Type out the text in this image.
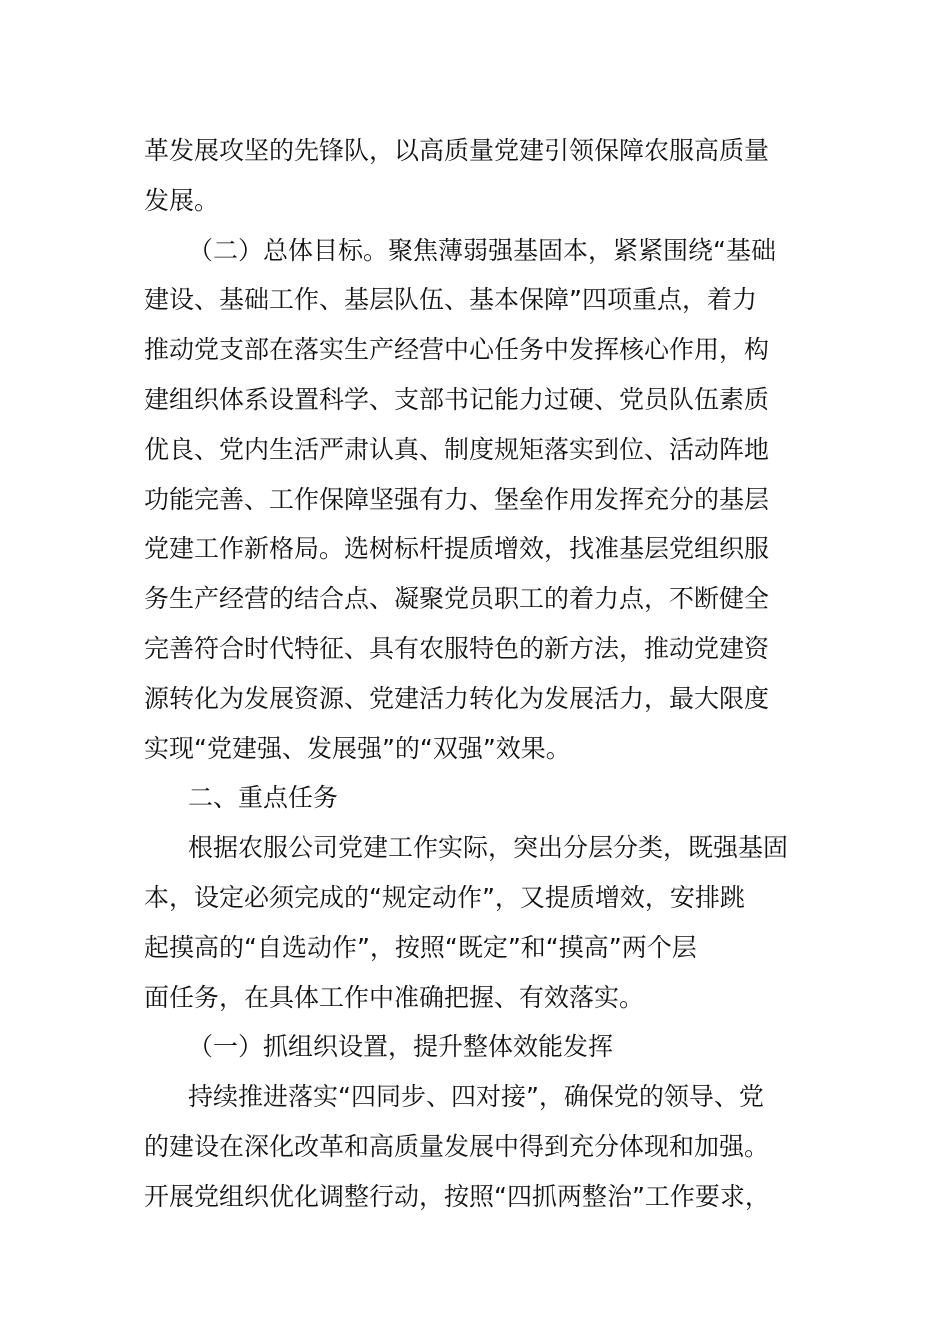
革发展攻坚的先锋队，以高质量党建引领保障农服高质量
发展。
（二）总体目标。聚焦薄弱强基固本，紧紧围绕“基础
建设、基础工作、基层队伍、基本保障”四项重点，着力
推动党支部在落实生产经营中心任务中发挥核心作用，构
建组织体系设置科学、支部书记能力过硬、党员队伍素质
优良、党内生活严肃认真、制度规矩落实到位、活动阵地
功能完善、工作保障坚强有力、堡垒作用发挥充分的基层
党建工作新格局。选树标杆提质增效，找准基层党组织服
务生产经营的结合点、凝聚党员职工的着力点，不断健全
完善符合时代特征、具有农服特色的新方法，推动党建资
源转化为发展资源、党建活力转化为发展活力，最大限度
实现“党建强、发展强”的“双强”效果。
二、重点任务
根据农服公司党建工作实际，突出分层分类，既强基固
本，设定必须完成的“规定动作”，又提质增效，安排跳
起摸高的“自选动作”，按照“既定”和“摸高”两个层
面任务，在具体工作中准确把握、有效落实。
（一）抓组织设置，提升整体效能发挥
持续推进落实“四同步、四对接”，确保党的领导、党
的建设在深化改革和高质量发展中得到充分体现和加强。
开展党组织优化调整行动，按照“四抓两整治”工作要求，
